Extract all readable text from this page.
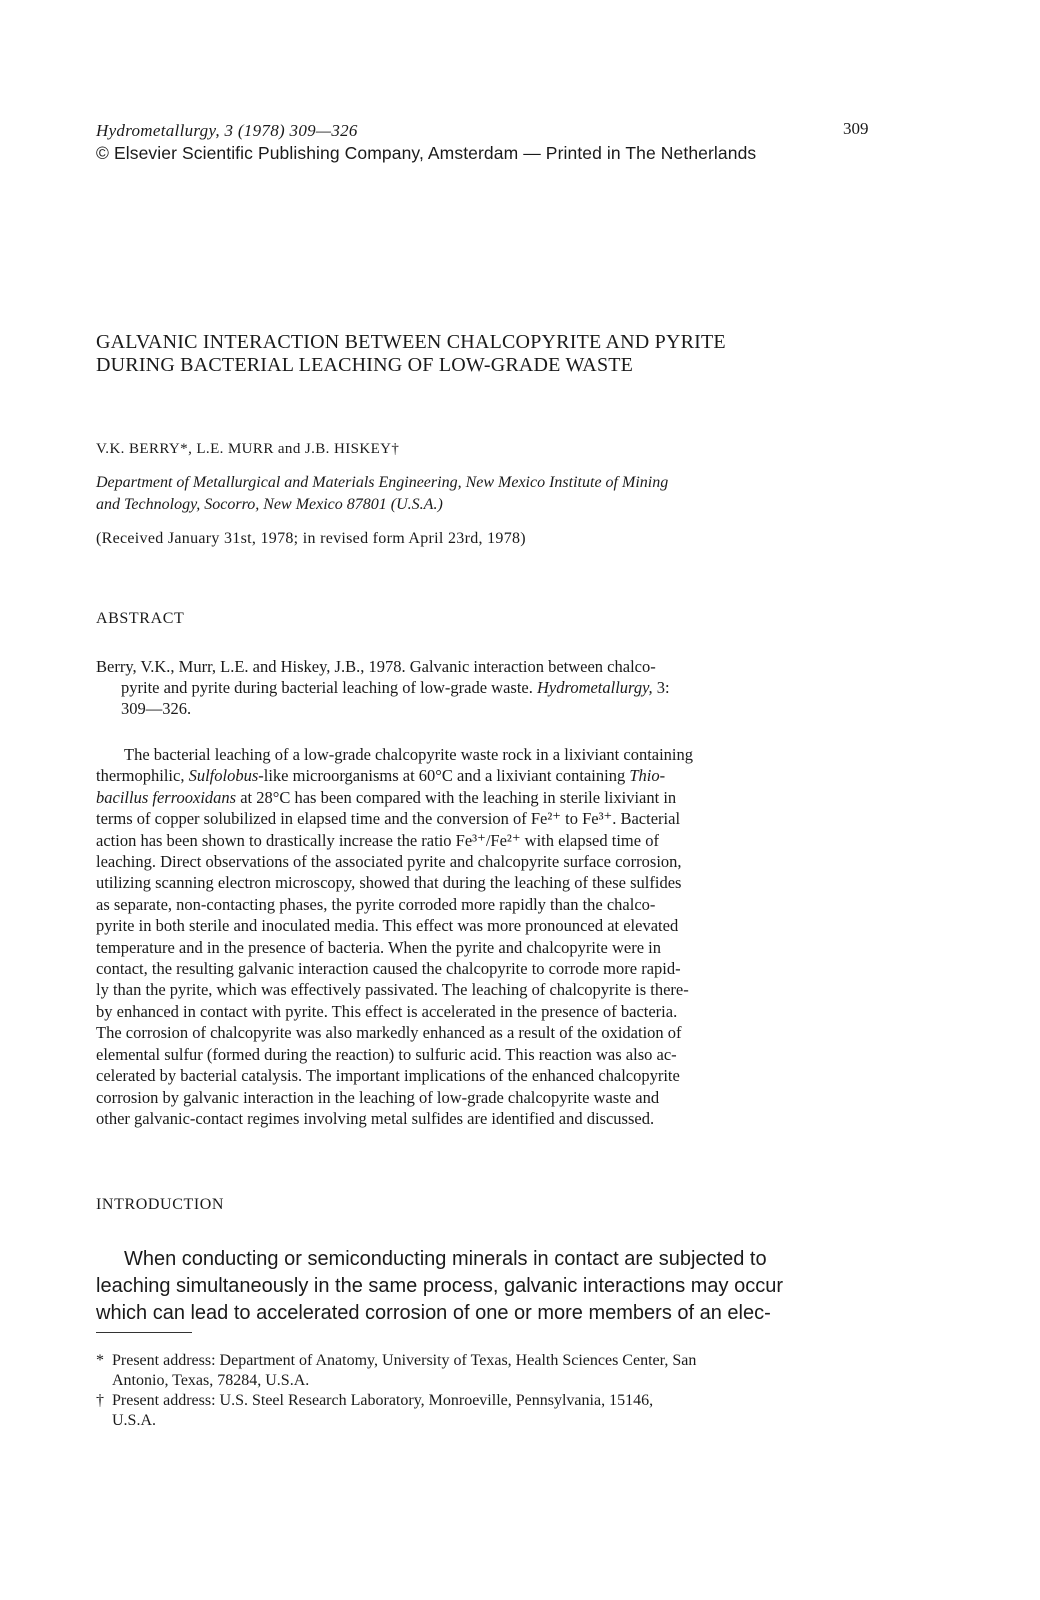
Hydrometallurgy, 3 (1978) 309—326	309
© Elsevier Scientific Publishing Company, Amsterdam — Printed in The Netherlands
GALVANIC INTERACTION BETWEEN CHALCOPYRITE AND PYRITE
DURING BACTERIAL LEACHING OF LOW-GRADE WASTE
V.K. BERRY*, L.E. MURR and J.B. HISKEY†
Department of Metallurgical and Materials Engineering, New Mexico Institute of Mining
and Technology, Socorro, New Mexico 87801 (U.S.A.)
(Received January 31st, 1978; in revised form April 23rd, 1978)
ABSTRACT
Berry, V.K., Murr, L.E. and Hiskey, J.B., 1978. Galvanic interaction between chalco-
pyrite and pyrite during bacterial leaching of low-grade waste. Hydrometallurgy, 3:
309—326.
The bacterial leaching of a low-grade chalcopyrite waste rock in a lixiviant containing
thermophilic, Sulfolobus-like microorganisms at 60°C and a lixiviant containing Thio-
bacillus ferrooxidans at 28°C has been compared with the leaching in sterile lixiviant in
terms of copper solubilized in elapsed time and the conversion of Fe²⁺ to Fe³⁺. Bacterial
action has been shown to drastically increase the ratio Fe³⁺/Fe²⁺ with elapsed time of
leaching. Direct observations of the associated pyrite and chalcopyrite surface corrosion,
utilizing scanning electron microscopy, showed that during the leaching of these sulfides
as separate, non-contacting phases, the pyrite corroded more rapidly than the chalco-
pyrite in both sterile and inoculated media. This effect was more pronounced at elevated
temperature and in the presence of bacteria. When the pyrite and chalcopyrite were in
contact, the resulting galvanic interaction caused the chalcopyrite to corrode more rapid-
ly than the pyrite, which was effectively passivated. The leaching of chalcopyrite is there-
by enhanced in contact with pyrite. This effect is accelerated in the presence of bacteria.
The corrosion of chalcopyrite was also markedly enhanced as a result of the oxidation of
elemental sulfur (formed during the reaction) to sulfuric acid. This reaction was also ac-
celerated by bacterial catalysis. The important implications of the enhanced chalcopyrite
corrosion by galvanic interaction in the leaching of low-grade chalcopyrite waste and
other galvanic-contact regimes involving metal sulfides are identified and discussed.
INTRODUCTION
When conducting or semiconducting minerals in contact are subjected to
leaching simultaneously in the same process, galvanic interactions may occur
which can lead to accelerated corrosion of one or more members of an elec-
* Present address: Department of Anatomy, University of Texas, Health Sciences Center, San
Antonio, Texas, 78284, U.S.A.
† Present address: U.S. Steel Research Laboratory, Monroeville, Pennsylvania, 15146,
U.S.A.
